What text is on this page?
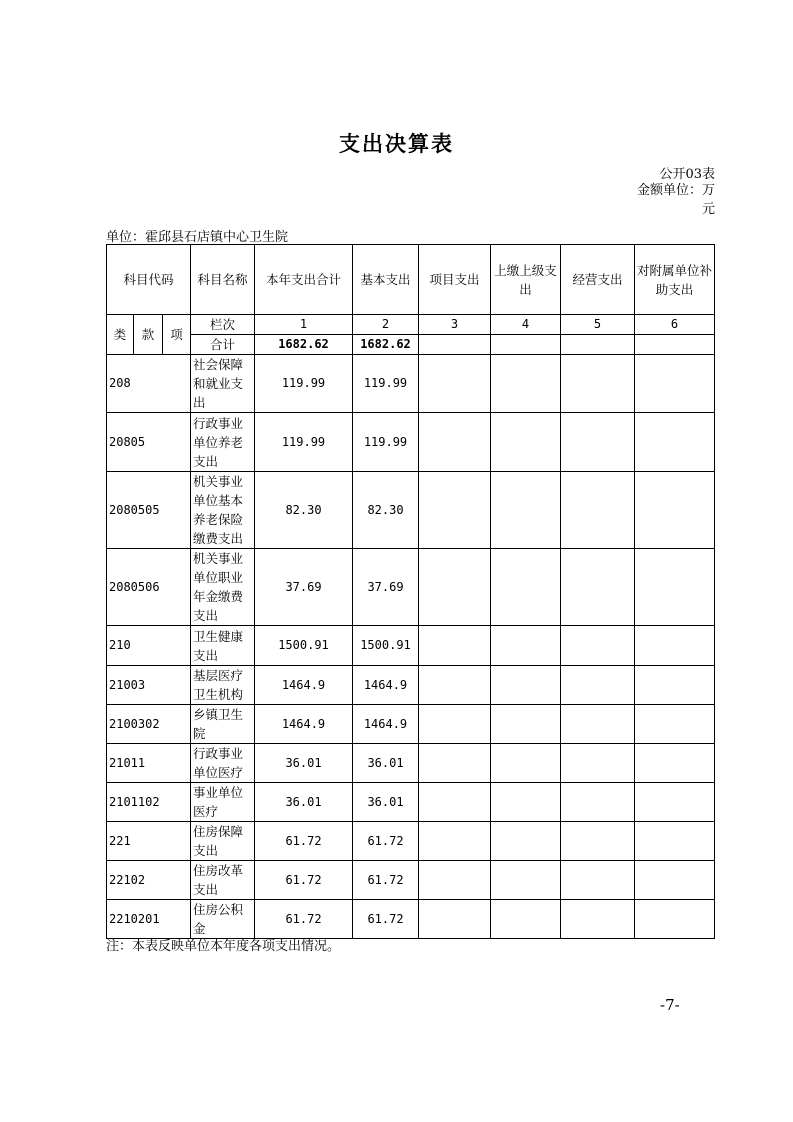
支出决算表
公开03表
金额单位：万
元
单位：霍邱县石店镇中心卫生院
科目代码			科目名称	本年支出合计	基本支出	项目支出	上缴上级支出	经营支出	对附属单位补助支出
类	款	项	栏次	1	2	3	4	5	6
			合计	1682.62	1682.62				
208			社会保障和就业支出	119.99	119.99				
20805			行政事业单位养老支出	119.99	119.99				
2080505			机关事业单位基本养老保险缴费支出	82.30	82.30				
2080506			机关事业单位职业年金缴费支出	37.69	37.69				
210			卫生健康支出	1500.91	1500.91				
21003			基层医疗卫生机构	1464.9	1464.9				
2100302			乡镇卫生院	1464.9	1464.9				
21011			行政事业单位医疗	36.01	36.01				
2101102			事业单位医疗	36.01	36.01				
221			住房保障支出	61.72	61.72				
22102			住房改革支出	61.72	61.72				
2210201			住房公积金	61.72	61.72				
注：本表反映单位本年度各项支出情况。
-7-
